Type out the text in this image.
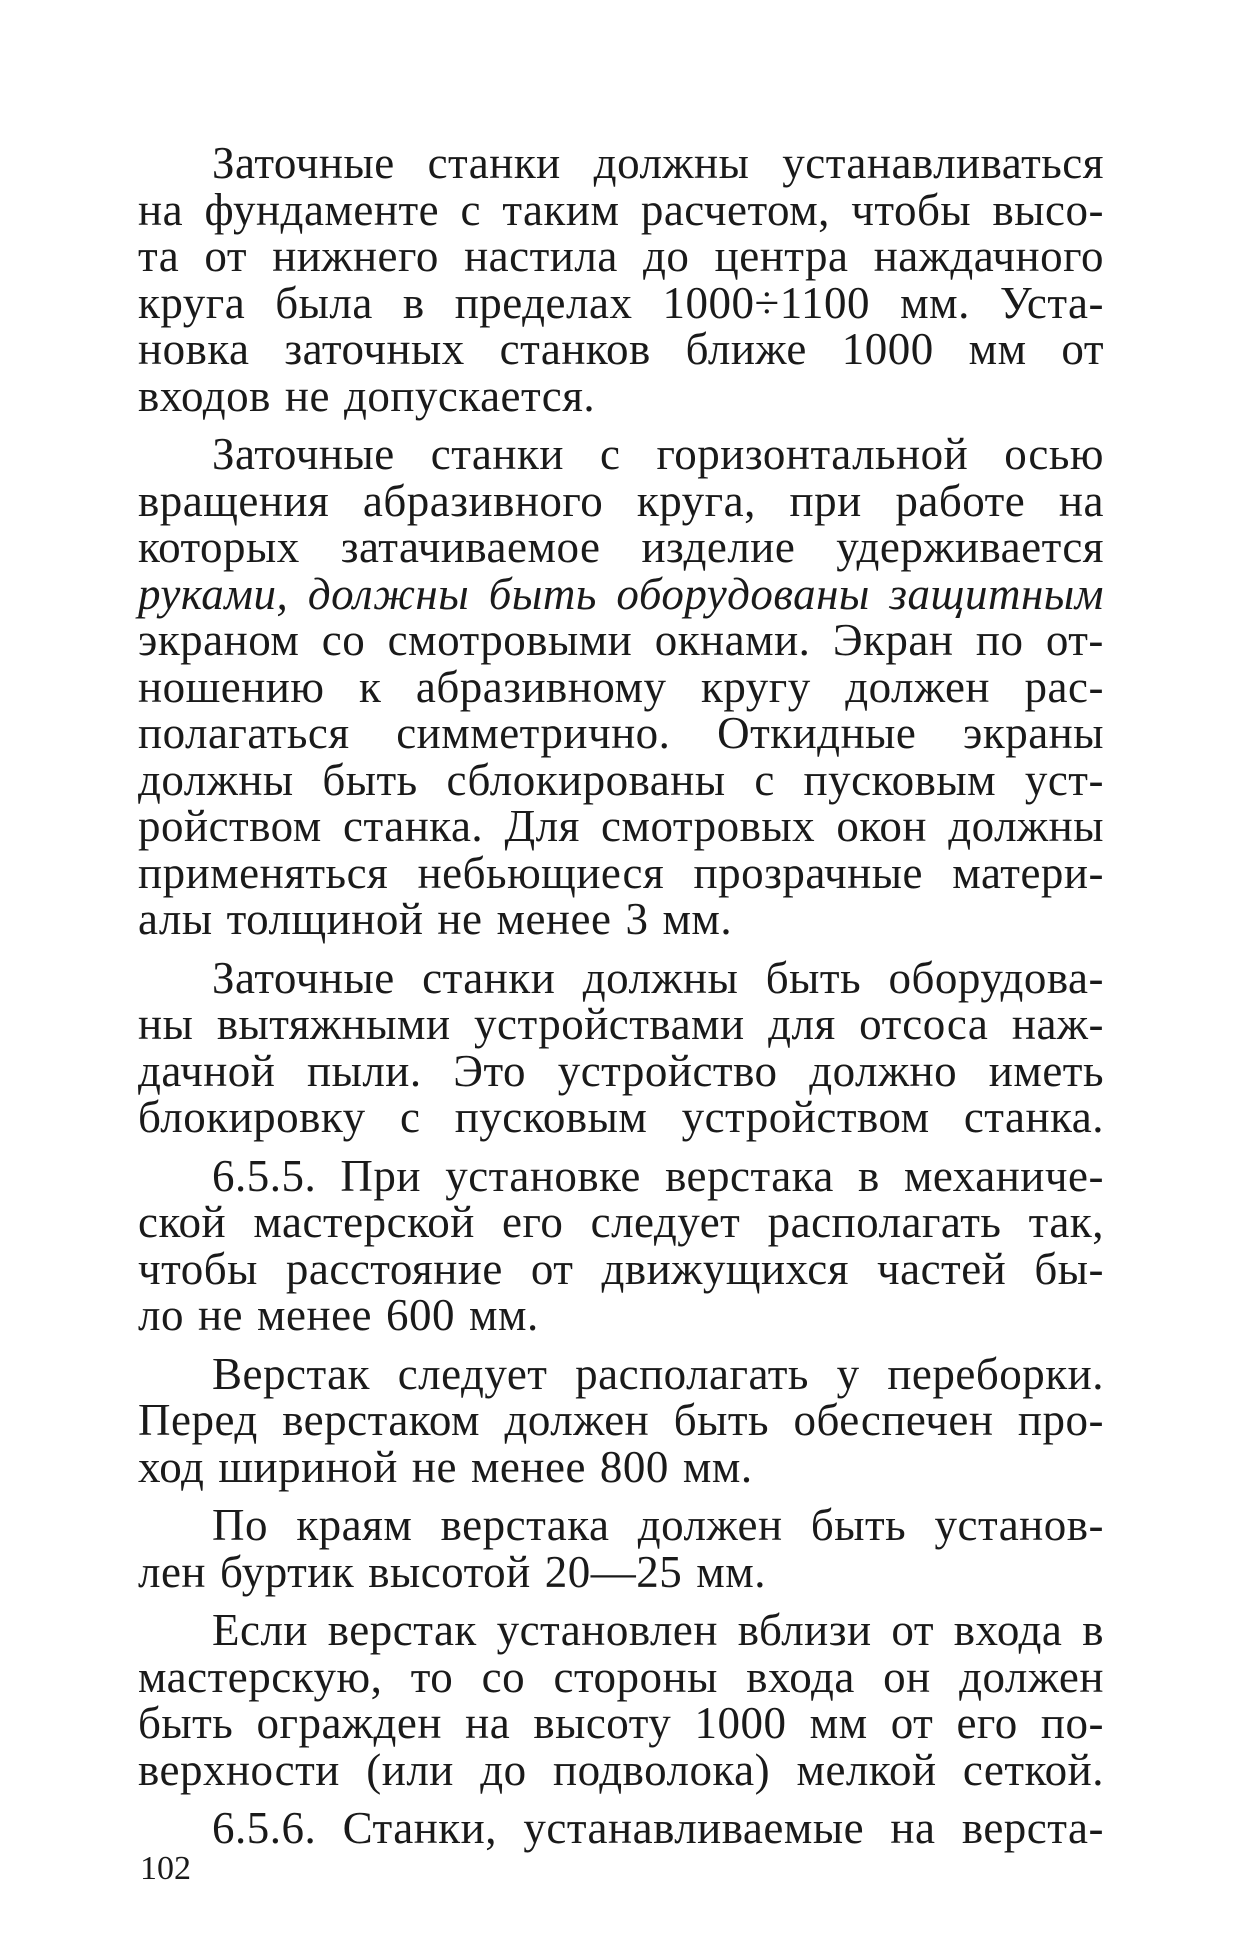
Заточные станки должны устанавливаться
на фундаменте с таким расчетом, чтобы высо-
та от нижнего настила до центра наждачного
круга была в пределах 1000÷1100 мм. Уста-
новка заточных станков ближе 1000 мм от
входов не допускается.
Заточные станки с горизонтальной осью
вращения абразивного круга, при работе на
которых затачиваемое изделие удерживается
руками, должны быть оборудованы защитным
экраном со смотровыми окнами. Экран по от-
ношению к абразивному кругу должен рас-
полагаться симметрично. Откидные экраны
должны быть сблокированы с пусковым уст-
ройством станка. Для смотровых окон должны
применяться небьющиеся прозрачные матери-
алы толщиной не менее 3 мм.
Заточные станки должны быть оборудова-
ны вытяжными устройствами для отсоса наж-
дачной пыли. Это устройство должно иметь
блокировку с пусковым устройством станка.
6.5.5. При установке верстака в механиче-
ской мастерской его следует располагать так,
чтобы расстояние от движущихся частей бы-
ло не менее 600 мм.
Верстак следует располагать у переборки.
Перед верстаком должен быть обеспечен про-
ход шириной не менее 800 мм.
По краям верстака должен быть установ-
лен буртик высотой 20—25 мм.
Если верстак установлен вблизи от входа в
мастерскую, то со стороны входа он должен
быть огражден на высоту 1000 мм от его по-
верхности (или до подволока) мелкой сеткой.
6.5.6. Станки, устанавливаемые на верста-
102
